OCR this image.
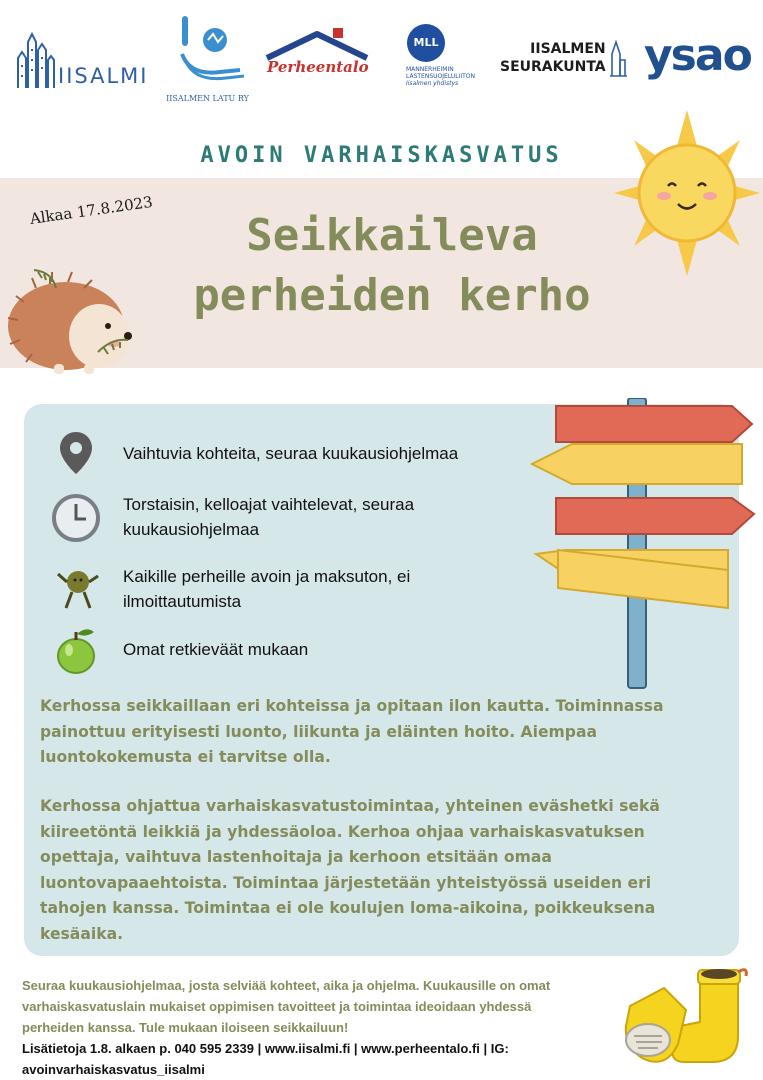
IISALMI
IISALMEN LATU RY
Perheentalo
MLL
MANNERHEIMIN
LASTENSUOJELULIITON
Iisalmen yhdistys
IISALMEN
SEURAKUNTA ysao
AVOIN VARHAISKASVATUS
Alkaa 17.8.2023	Seikkaileva
perheiden kerho
Vaihtuvia kohteita, seuraa kuukausiohjelmaa
Torstaisin, kelloajat vaihtelevat, seuraa
kuukausiohjelmaa
Kaikille perheille avoin ja maksuton, ei
ilmoittautumista
Omat retkieväät mukaan
Kerhossa seikkaillaan eri kohteissa ja opitaan ilon kautta. Toiminnassa
painottuu erityisesti luonto, liikunta ja eläinten hoito. Aiempaa
luontokokemusta ei tarvitse olla.
Kerhossa ohjattua varhaiskasvatustoimintaa, yhteinen eväshetki sekä
kiireetöntä leikkiä ja yhdessäoloa. Kerhoa ohjaa varhaiskasvatuksen
opettaja, vaihtuva lastenhoitaja ja kerhoon etsitään omaa
luontovapaaehtoista. Toimintaa järjestetään yhteistyössä useiden eri
tahojen kanssa. Toimintaa ei ole koulujen loma-aikoina, poikkeuksena
kesäaika.
Seuraa kuukausiohjelmaa, josta selviää kohteet, aika ja ohjelma. Kuukausille on omat
varhaiskasvatuslain mukaiset oppimisen tavoitteet ja toimintaa ideoidaan yhdessä
perheiden kanssa. Tule mukaan iloiseen seikkailuun!
Lisätietoja 1.8. alkaen p. 040 595 2339 | www.iisalmi.fi | www.perheentalo.fi | IG:
avoinvarhaiskasvatus_iisalmi
